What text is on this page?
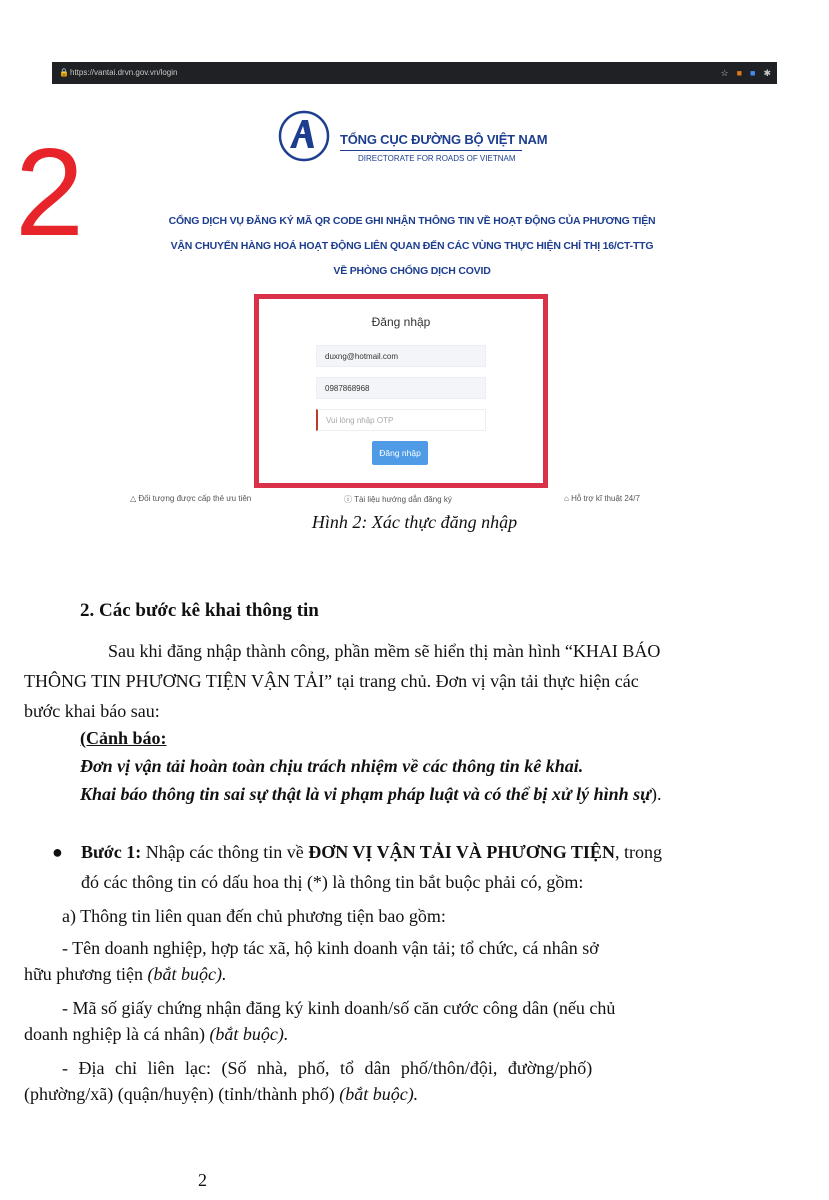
🔒 https://vantai.drvn.gov.vn/login	☆ ■ ■ ✱
TỔNG CỤC ĐƯỜNG BỘ VIỆT NAM
DIRECTORATE FOR ROADS OF VIETNAM
CỔNG DỊCH VỤ ĐĂNG KÝ MÃ QR CODE GHI NHẬN THÔNG TIN VỀ HOẠT ĐỘNG CỦA PHƯƠNG TIỆN
VẬN CHUYỂN HÀNG HOÁ HOẠT ĐỘNG LIÊN QUAN ĐẾN CÁC VÙNG THỰC HIỆN CHỈ THỊ 16/CT-TTG
VỀ PHÒNG CHỐNG DỊCH COVID
Đăng nhập
duxng@hotmail.com
0987868968
Vui lòng nhập OTP
Đăng nhập
△ Đối tượng được cấp thẻ ưu tiên	ⓘ Tài liệu hướng dẫn đăng ký	⌂ Hỗ trợ kĩ thuật 24/7
2
Hình 2: Xác thực đăng nhập
2. Các bước kê khai thông tin
Sau khi đăng nhập thành công, phần mềm sẽ hiển thị màn hình “KHAI BÁO
THÔNG TIN PHƯƠNG TIỆN VẬN TẢI” tại trang chủ. Đơn vị vận tải thực hiện các
bước khai báo sau:
(Cảnh báo:
Đơn vị vận tải hoàn toàn chịu trách nhiệm về các thông tin kê khai.
Khai báo thông tin sai sự thật là vi phạm pháp luật và có thể bị xử lý hình sự).
● Bước 1: Nhập các thông tin về ĐƠN VỊ VẬN TẢI VÀ PHƯƠNG TIỆN, trong
đó các thông tin có dấu hoa thị (*) là thông tin bắt buộc phải có, gồm:
a) Thông tin liên quan đến chủ phương tiện bao gồm:
- Tên doanh nghiệp, hợp tác xã, hộ kinh doanh vận tải; tổ chức, cá nhân sở
hữu phương tiện (bắt buộc).
- Mã số giấy chứng nhận đăng ký kinh doanh/số căn cước công dân (nếu chủ
doanh nghiệp là cá nhân) (bắt buộc).
- Địa chỉ liên lạc: (Số nhà, phố, tổ dân phố/thôn/đội, đường/phố)
(phường/xã) (quận/huyện) (tỉnh/thành phố) (bắt buộc).
2
